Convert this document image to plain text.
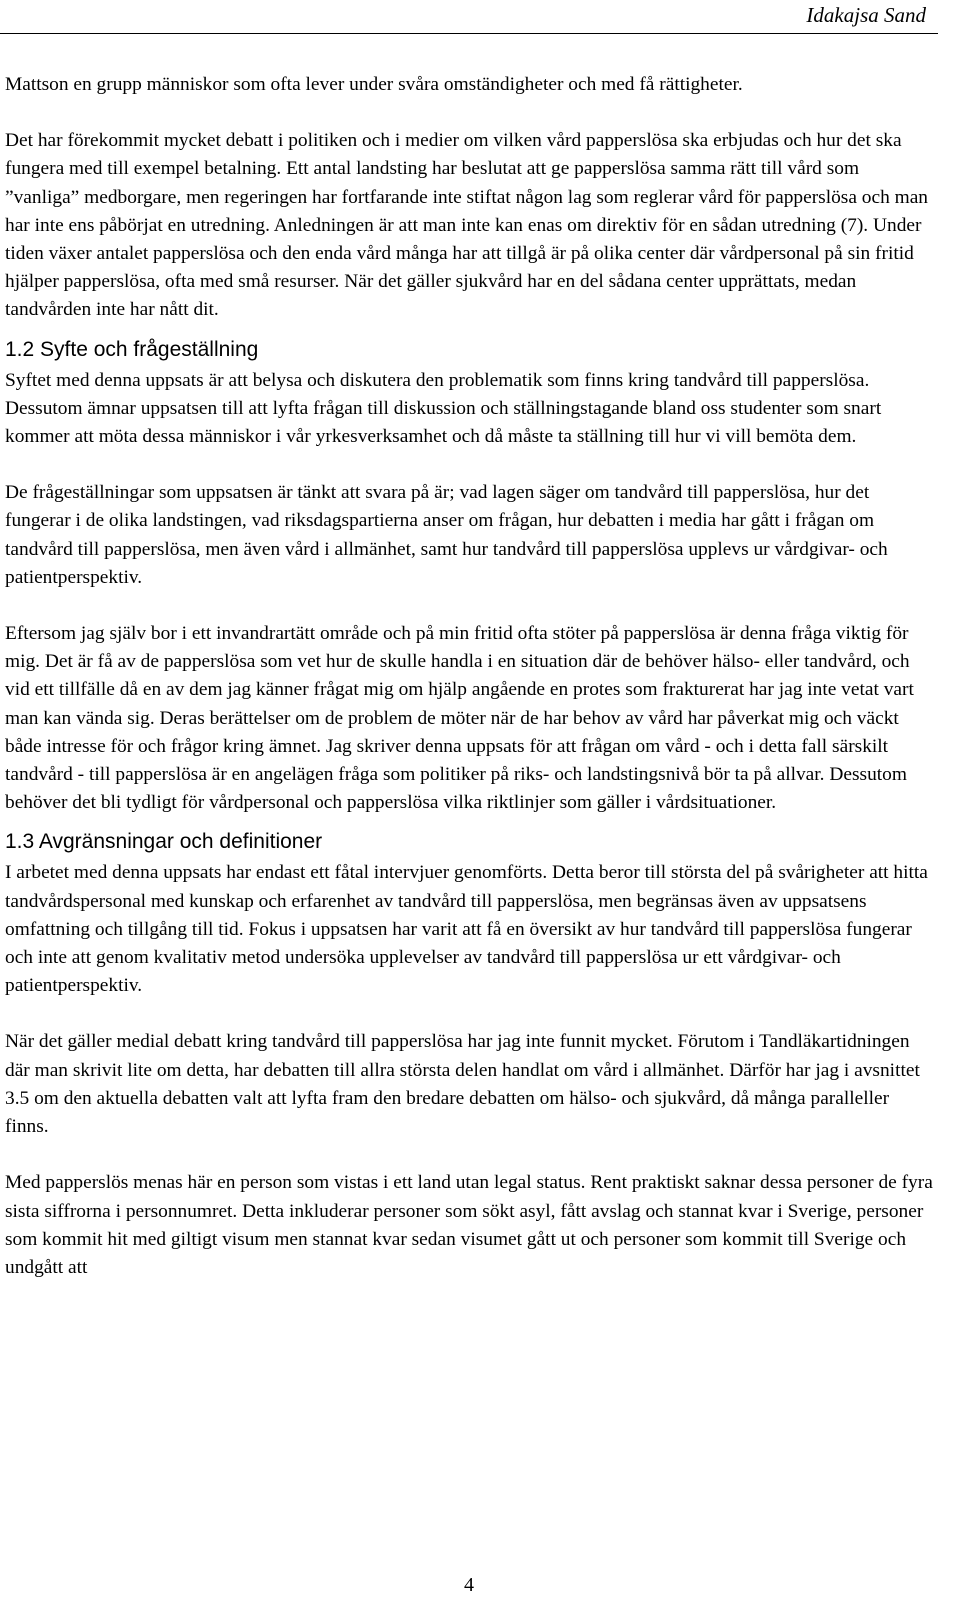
Idakajsa Sand

Mattson en grupp människor som ofta lever under svåra omständigheter och med få rättigheter.

Det har förekommit mycket debatt i politiken och i medier om vilken vård papperslösa ska erbjudas och hur det ska fungera med till exempel betalning. Ett antal landsting har beslutat att ge papperslösa samma rätt till vård som ”vanliga” medborgare, men regeringen har fortfarande inte stiftat någon lag som reglerar vård för papperslösa och man har inte ens påbörjat en utredning. Anledningen är att man inte kan enas om direktiv för en sådan utredning (7). Under tiden växer antalet papperslösa och den enda vård många har att tillgå är på olika center där vårdpersonal på sin fritid hjälper papperslösa, ofta med små resurser. När det gäller sjukvård har en del sådana center upprättats, medan tandvården inte har nått dit.

1.2 Syfte och frågeställning

Syftet med denna uppsats är att belysa och diskutera den problematik som finns kring tandvård till papperslösa. Dessutom ämnar uppsatsen till att lyfta frågan till diskussion och ställningstagande bland oss studenter som snart kommer att möta dessa människor i vår yrkesverksamhet och då måste ta ställning till hur vi vill bemöta dem.

De frågeställningar som uppsatsen är tänkt att svara på är; vad lagen säger om tandvård till papperslösa, hur det fungerar i de olika landstingen, vad riksdagspartierna anser om frågan, hur debatten i media har gått i frågan om tandvård till papperslösa, men även vård i allmänhet, samt hur tandvård till papperslösa upplevs ur vårdgivar- och patientperspektiv.

Eftersom jag själv bor i ett invandrartätt område och på min fritid ofta stöter på papperslösa är denna fråga viktig för mig. Det är få av de papperslösa som vet hur de skulle handla i en situation där de behöver hälso- eller tandvård, och vid ett tillfälle då en av dem jag känner frågat mig om hjälp angående en protes som frakturerat har jag inte vetat vart man kan vända sig. Deras berättelser om de problem de möter när de har behov av vård har påverkat mig och väckt både intresse för och frågor kring ämnet. Jag skriver denna uppsats för att frågan om vård - och i detta fall särskilt tandvård - till papperslösa är en angelägen fråga som politiker på riks- och landstingsnivå bör ta på allvar. Dessutom behöver det bli tydligt för vårdpersonal och papperslösa vilka riktlinjer som gäller i vårdsituationer.

1.3 Avgränsningar och definitioner

I arbetet med denna uppsats har endast ett fåtal intervjuer genomförts. Detta beror till största del på svårigheter att hitta tandvårdspersonal med kunskap och erfarenhet av tandvård till papperslösa, men begränsas även av uppsatsens omfattning och tillgång till tid. Fokus i uppsatsen har varit att få en översikt av hur tandvård till papperslösa fungerar och inte att genom kvalitativ metod undersöka upplevelser av tandvård till papperslösa ur ett vårdgivar- och patientperspektiv.

När det gäller medial debatt kring tandvård till papperslösa har jag inte funnit mycket. Förutom i Tandläkartidningen där man skrivit lite om detta, har debatten till allra största delen handlat om vård i allmänhet. Därför har jag i avsnittet 3.5 om den aktuella debatten valt att lyfta fram den bredare debatten om hälso- och sjukvård, då många paralleller finns.

Med papperslös menas här en person som vistas i ett land utan legal status. Rent praktiskt saknar dessa personer de fyra sista siffrorna i personnumret. Detta inkluderar personer som sökt asyl, fått avslag och stannat kvar i Sverige, personer som kommit hit med giltigt visum men stannat kvar sedan visumet gått ut och personer som kommit till Sverige och undgått att

4
